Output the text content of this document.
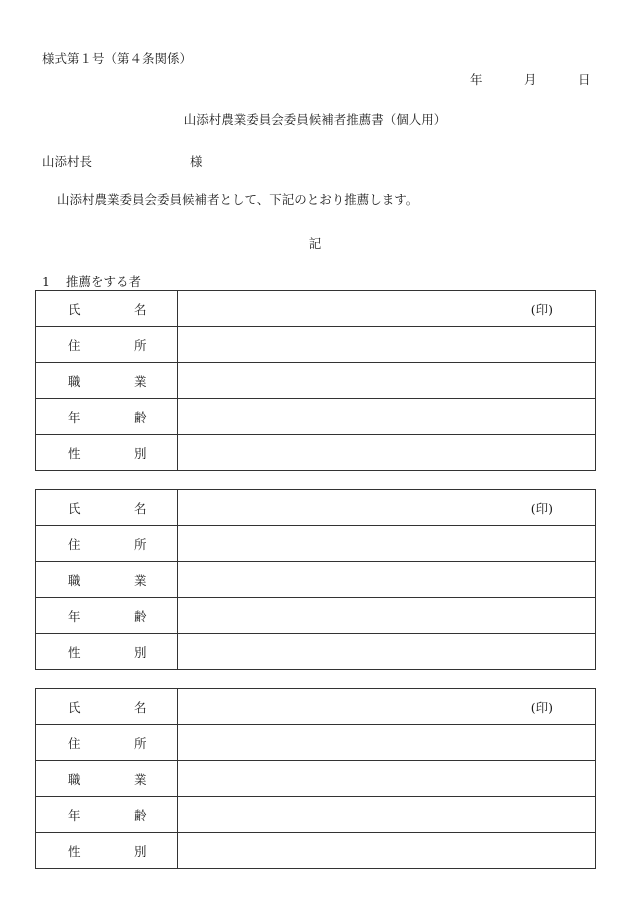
様式第１号（第４条関係）
年	月	日
山添村農業委員会委員候補者推薦書（個人用）
山添村長	様
山添村農業委員会委員候補者として、下記のとおり推薦します。
記
1 推薦をする者
氏 名	(印)

住 所	

職 業	

年 齢	

性 別	

氏 名	(印)

住 所	

職 業	

年 齢	

性 別	

氏 名	(印)

住 所	

職 業	

年 齢	

性 別	
